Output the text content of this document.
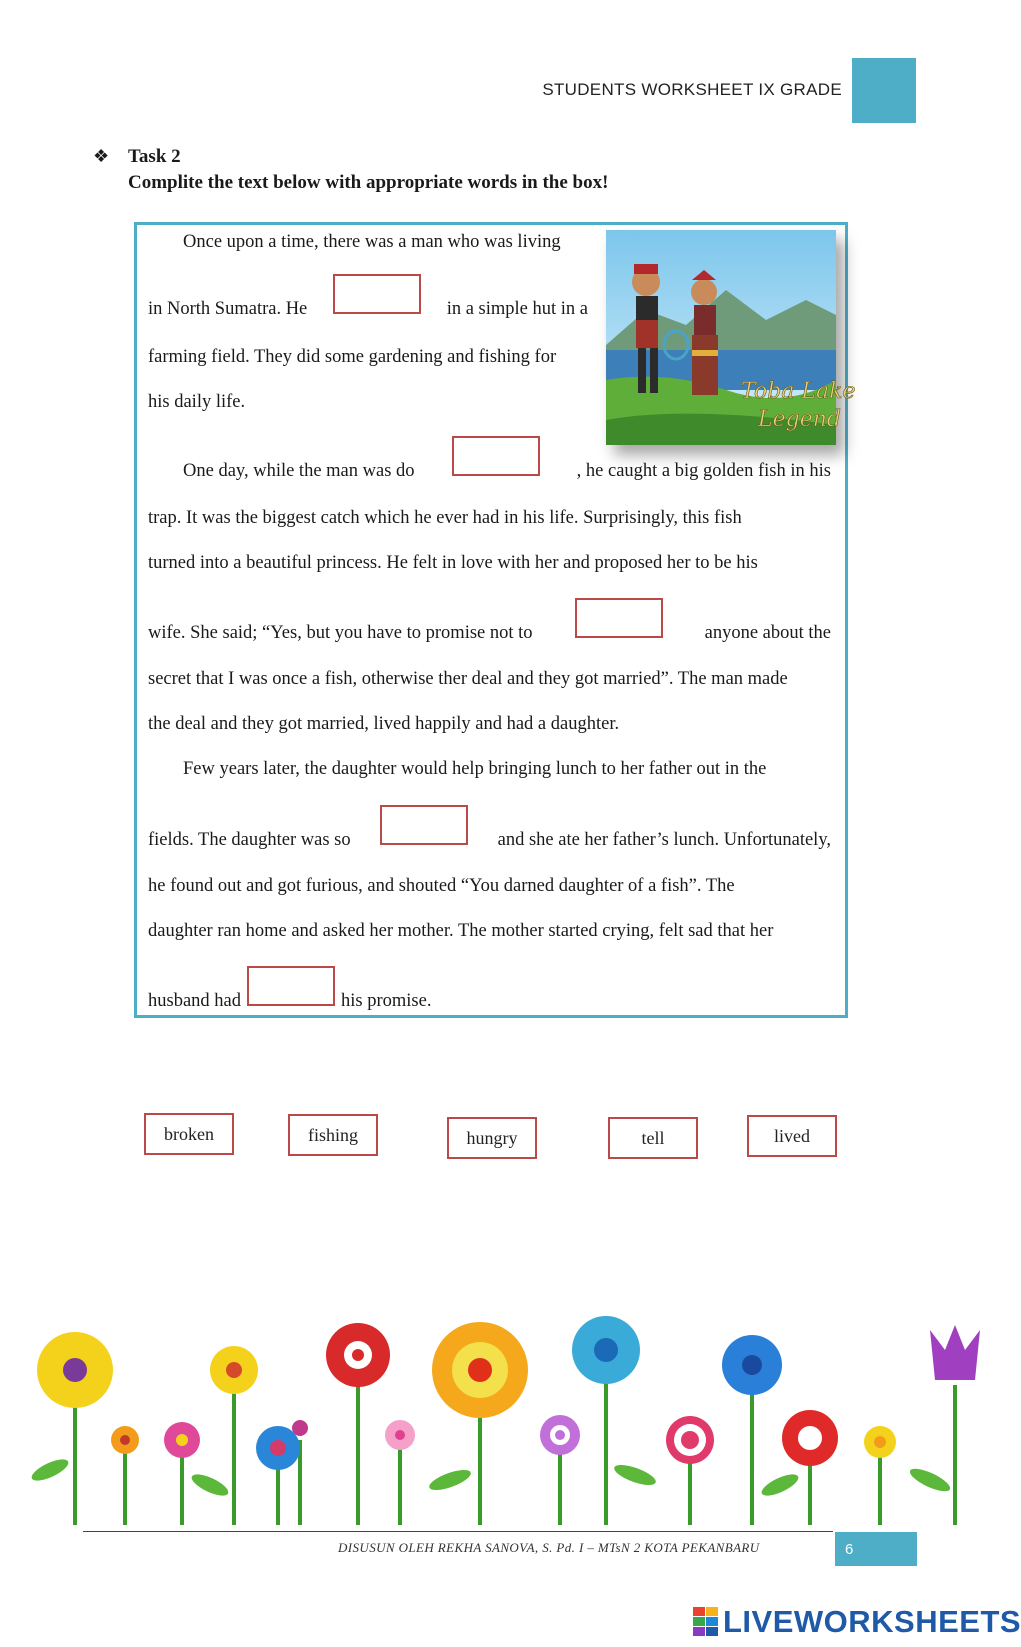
STUDENTS WORKSHEET IX GRADE
❖ Task 2
Complite the text below with appropriate words in the box!
Toba Lake
Legend
Once upon a time, there was a man who was living
in North Sumatra. He	in a simple hut in a
farming field. They did some gardening and fishing for
his daily life.
One day, while the man was do	, he caught a big golden fish in his
trap. It was the biggest catch which he ever had in his life. Surprisingly, this fish
turned into a beautiful princess. He felt in love with her and proposed her to be his
wife. She said; “Yes, but you have to promise not to	anyone about the
secret that I was once a fish, otherwise ther deal and they got married”. The man made
the deal and they got married, lived happily and had a daughter.
Few years later, the daughter would help bringing lunch to her father out in the
fields. The daughter was so	and she ate her father’s lunch. Unfortunately,
he found out and got furious, and shouted “You darned daughter of a fish”. The
daughter ran home and asked her mother. The mother started crying, felt sad that her
husband had	his promise.
broken	fishing	hungry	tell	lived
DISUSUN OLEH REKHA SANOVA, S. Pd. I – MTsN 2 KOTA PEKANBARU	6
LIVEWORKSHEETS
